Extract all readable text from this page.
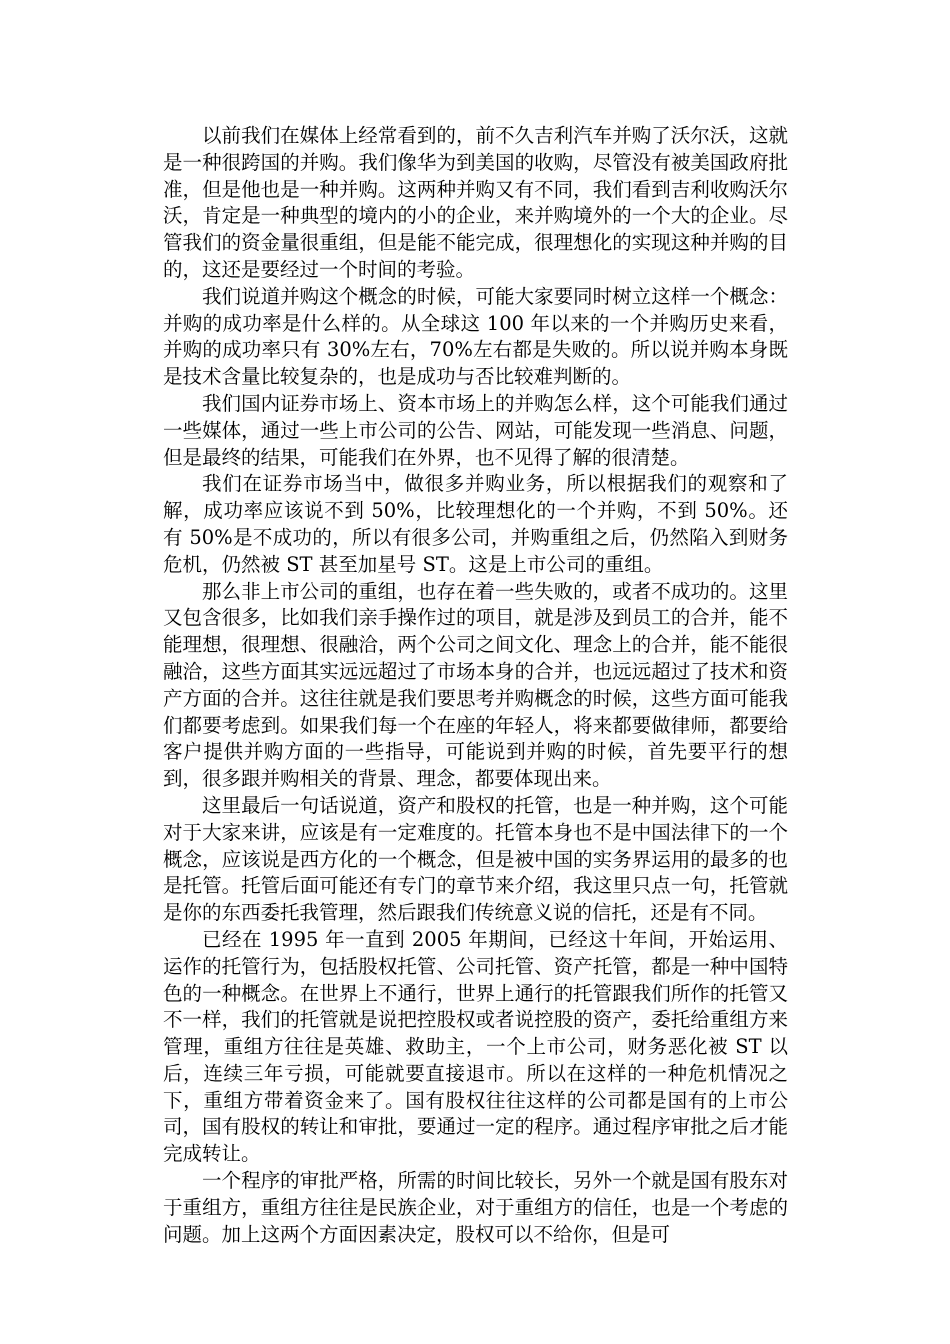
以前我们在媒体上经常看到的，前不久吉利汽车并购了沃尔沃，这就是一种很跨国的并购。我们像华为到美国的收购，尽管没有被美国政府批准，但是他也是一种并购。这两种并购又有不同，我们看到吉利收购沃尔沃，肯定是一种典型的境内的小的企业，来并购境外的一个大的企业。尽管我们的资金量很重组，但是能不能完成，很理想化的实现这种并购的目的，这还是要经过一个时间的考验。

我们说道并购这个概念的时候，可能大家要同时树立这样一个概念：并购的成功率是什么样的。从全球这 100 年以来的一个并购历史来看，并购的成功率只有 30%左右，70%左右都是失败的。所以说并购本身既是技术含量比较复杂的，也是成功与否比较难判断的。

我们国内证券市场上、资本市场上的并购怎么样，这个可能我们通过一些媒体，通过一些上市公司的公告、网站，可能发现一些消息、问题，但是最终的结果，可能我们在外界，也不见得了解的很清楚。

我们在证券市场当中，做很多并购业务，所以根据我们的观察和了解，成功率应该说不到 50%，比较理想化的一个并购，不到 50%。还有 50%是不成功的，所以有很多公司，并购重组之后，仍然陷入到财务危机，仍然被 ST 甚至加星号 ST。这是上市公司的重组。

那么非上市公司的重组，也存在着一些失败的，或者不成功的。这里又包含很多，比如我们亲手操作过的项目，就是涉及到员工的合并，能不能理想，很理想、很融洽，两个公司之间文化、理念上的合并，能不能很融洽，这些方面其实远远超过了市场本身的合并，也远远超过了技术和资产方面的合并。这往往就是我们要思考并购概念的时候，这些方面可能我们都要考虑到。如果我们每一个在座的年轻人，将来都要做律师，都要给客户提供并购方面的一些指导，可能说到并购的时候，首先要平行的想到，很多跟并购相关的背景、理念，都要体现出来。

这里最后一句话说道，资产和股权的托管，也是一种并购，这个可能对于大家来讲，应该是有一定难度的。托管本身也不是中国法律下的一个概念，应该说是西方化的一个概念，但是被中国的实务界运用的最多的也是托管。托管后面可能还有专门的章节来介绍，我这里只点一句，托管就是你的东西委托我管理，然后跟我们传统意义说的信托，还是有不同。

已经在 1995 年一直到 2005 年期间，已经这十年间，开始运用、运作的托管行为，包括股权托管、公司托管、资产托管，都是一种中国特色的一种概念。在世界上不通行，世界上通行的托管跟我们所作的托管又不一样，我们的托管就是说把控股权或者说控股的资产，委托给重组方来管理，重组方往往是英雄、救助主，一个上市公司，财务恶化被 ST 以后，连续三年亏损，可能就要直接退市。所以在这样的一种危机情况之下，重组方带着资金来了。国有股权往往这样的公司都是国有的上市公司，国有股权的转让和审批，要通过一定的程序。通过程序审批之后才能完成转让。

一个程序的审批严格，所需的时间比较长，另外一个就是国有股东对于重组方，重组方往往是民族企业，对于重组方的信任，也是一个考虑的问题。加上这两个方面因素决定，股权可以不给你，但是可
